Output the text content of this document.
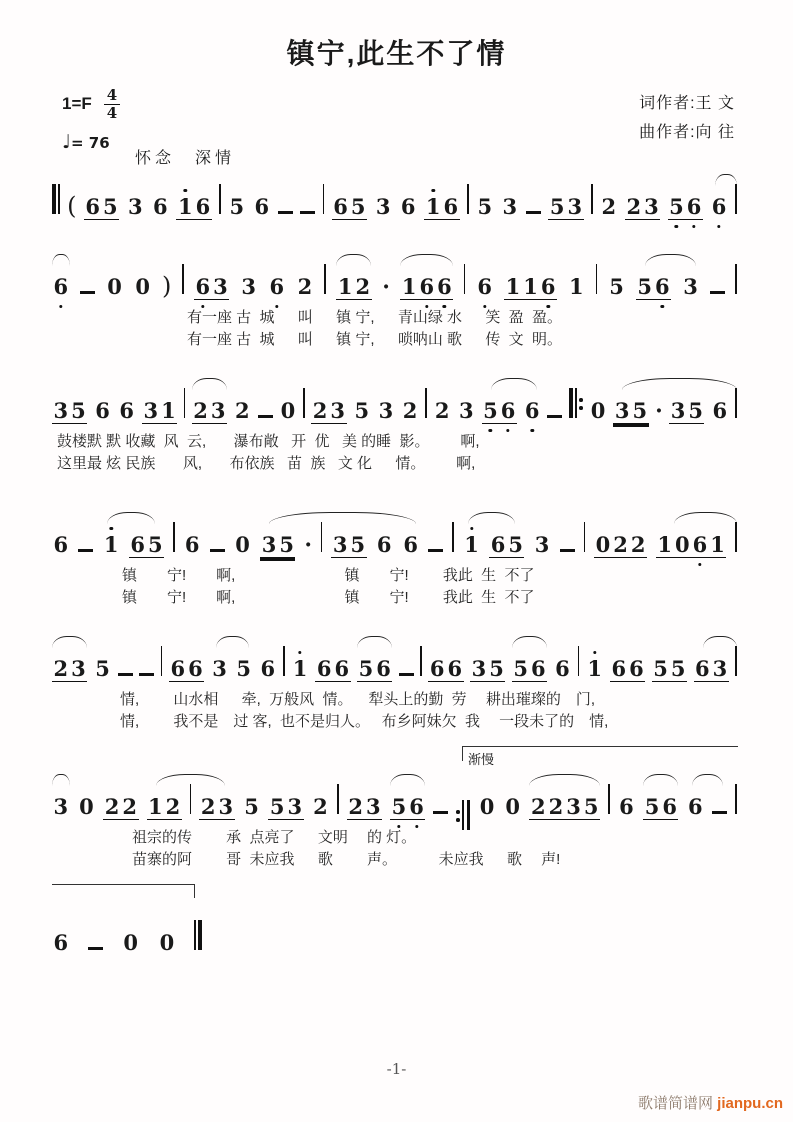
镇宁,此生不了情
$1=F \frac{4}{4}$
♩= 76
怀念　深情
词作者:王 文
曲作者:向 往
( 6 5 3 6 1 6 5 6	6 5 3 6 1 6 5 3 5 3 2 2 3 5 6 6
6 0 0 ) 6 3 3 6 2 1 2 · 1 6 6 6 1 1 6 1 5 5 6 3
有一座 古  城　  叫　  镇 宁,　  青山绿 水　  笑  盈  盈。
有一座 古  城　  叫　  镇 宁,　  唢呐山 歌　  传  文  明。
3 5 6 6 3 1 2 3 2 0 2 3 5 3 2 2 3 5 6 6 0 3 5 · 3 5 6
鼓楼默 默 收藏  风  云,　   瀑布敞   开  优   美 的睡  影。　　  啊,
这里最 炫 民族　   风,　   布依族   苗  族   文 化　  情。　　  啊,
6 1 6 5 6 0 3 5 · 3 5 6 6 1 6 5 3 0 2 2 1 0 6 1
镇　　宁!　　啊,　　　　　　　 镇　　宁!　　 我此  生  不了
镇　　宁!　　啊,　　　　　　　 镇　　宁!　　 我此  生  不了
2 3 5	6 6 3 5 6 1 6 6 5 6 6 6 3 5 5 6 6 1 6 6 5 5 6 3
情,　　 山水相　  牵,  万般风  情。　  犁头上的勤  劳　 耕出璀璨的　门,
情,　　 我不是　过 客,  也不是归人。　 布乡阿妹欠  我　 一段未了的　情,
3 0 2 2 1 2 2 3 5 5 3 2 2 3 5 6	0 0 2 2 3 5 6 5 6 6
祖宗的传　　 承  点亮了　  文明　 的 灯。
苗寨的阿　　 哥  未应我　  歌　　 声。　　　 未应我　  歌　 声!
6	0 0
渐慢
-1-
歌谱简谱网 jianpu.cn
